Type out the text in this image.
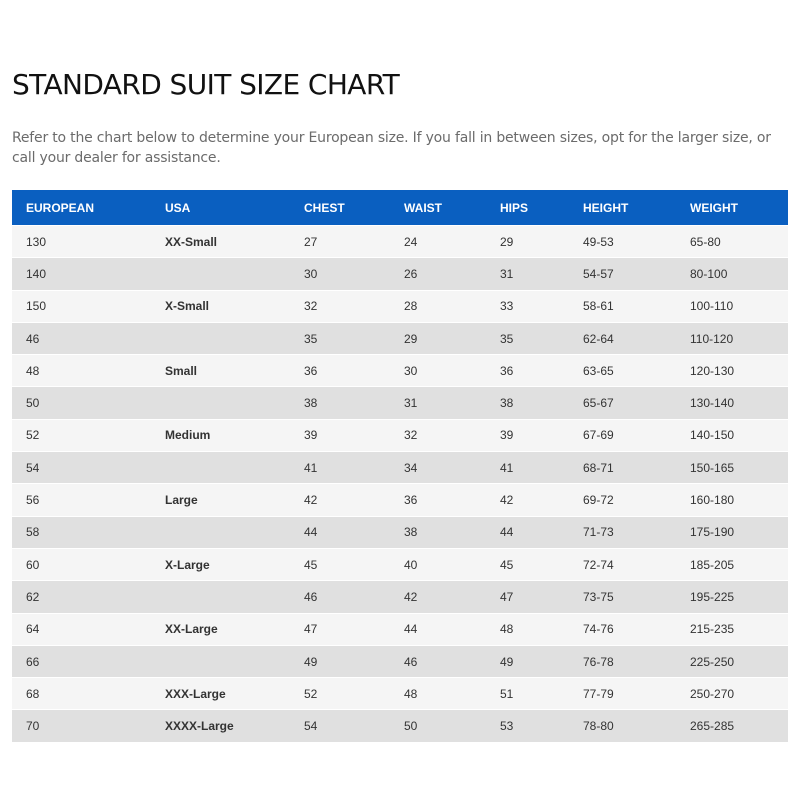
STANDARD SUIT SIZE CHART

Refer to the chart below to determine your European size. If you fall in between sizes, opt for the larger size, or call your dealer for assistance.

EUROPEAN	USA	CHEST	WAIST	HIPS	HEIGHT	WEIGHT
130	XX-Small	27	24	29	49-53	65-80
140		30	26	31	54-57	80-100
150	X-Small	32	28	33	58-61	100-110
46		35	29	35	62-64	110-120
48	Small	36	30	36	63-65	120-130
50		38	31	38	65-67	130-140
52	Medium	39	32	39	67-69	140-150
54		41	34	41	68-71	150-165
56	Large	42	36	42	69-72	160-180
58		44	38	44	71-73	175-190
60	X-Large	45	40	45	72-74	185-205
62		46	42	47	73-75	195-225
64	XX-Large	47	44	48	74-76	215-235
66		49	46	49	76-78	225-250
68	XXX-Large	52	48	51	77-79	250-270
70	XXXX-Large	54	50	53	78-80	265-285
